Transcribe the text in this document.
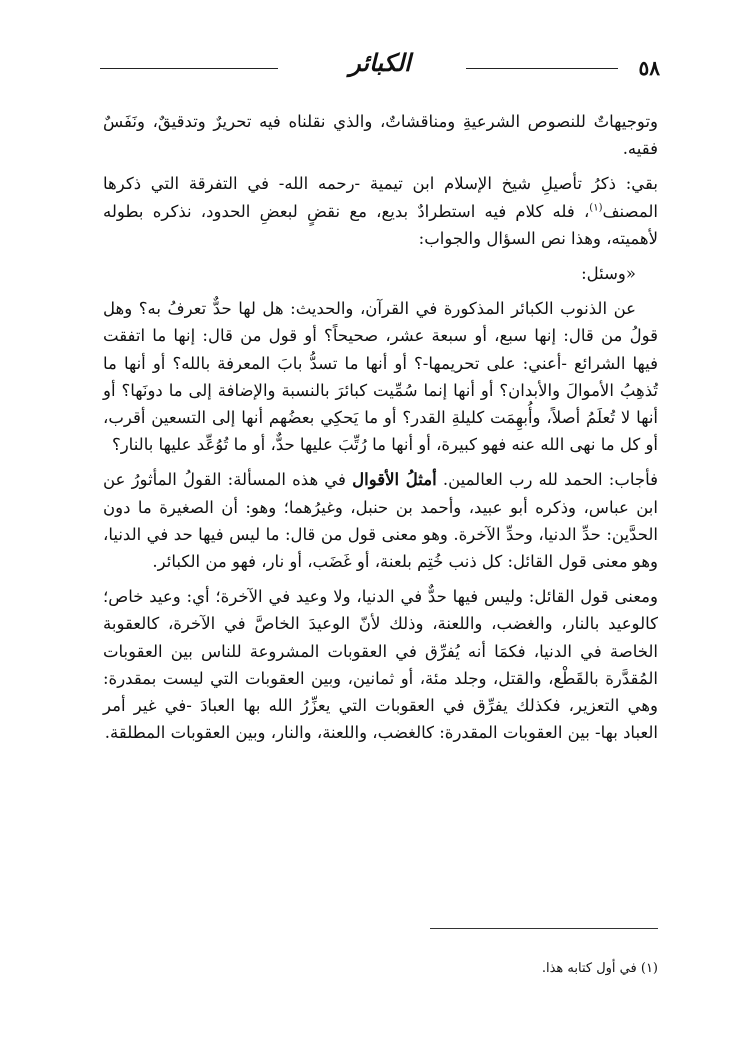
٥٨
الكبائر

وتوجيهاتٌ للنصوص الشرعيةِ ومناقشاتٌ، والذي نقلناه فيه تحريرٌ وتدقيقٌ، ونَفَسٌ فقيه.

بقي: ذكرُ تأصيلِ شيخ الإسلام ابن تيمية -رحمه الله- في التفرقة التي ذكرها المصنف$^{(١)}$، فله كلام فيه استطرادٌ بديع، مع نقضٍ لبعضِ الحدود، نذكره بطوله لأهميته، وهذا نص السؤال والجواب:

«وسئل:

عن الذنوب الكبائر المذكورة في القرآن، والحديث: هل لها حدٌّ تعرفُ به؟ وهل قولُ من قال: إنها سبع، أو سبعة عشر، صحيحاً؟ أو قول من قال: إنها ما اتفقت فيها الشرائع -أعني: على تحريمها-؟ أو أنها ما تسدُّ بابَ المعرفة بالله؟ أو أنها ما تُذهِبُ الأموالَ والأبدان؟ أو أنها إنما سُمِّيت كبائرَ بالنسبة والإضافة إلى ما دونَها؟ أو أنها لا تُعلَمُ أصلاً، وأُبهِمَت كليلةِ القدر؟ أو ما يَحكِي بعضُهم أنها إلى التسعين أقرب، أو كل ما نهى الله عنه فهو كبيرة، أو أنها ما رُتِّبَ عليها حدٌّ، أو ما تُوُعِّد عليها بالنار؟

فأجاب: الحمد لله رب العالمين. أمثلُ الأقوال في هذه المسألة: القولُ المأثورُ عن ابن عباس، وذكره أبو عبيد، وأحمد بن حنبل، وغيرُهما؛ وهو: أن الصغيرة ما دون الحدَّين: حدِّ الدنيا، وحدِّ الآخرة. وهو معنى قول من قال: ما ليس فيها حد في الدنيا، وهو معنى قول القائل: كل ذنب خُتِم بلعنة، أو غَضَب، أو نار، فهو من الكبائر.

ومعنى قول القائل: وليس فيها حدٌّ في الدنيا، ولا وعيد في الآخرة؛ أي: وعيد خاص؛ كالوعيد بالنار، والغضب، واللعنة، وذلك لأنّ الوعيدَ الخاصَّ في الآخرة، كالعقوبة الخاصة في الدنيا، فكمَا أنه يُفرِّق في العقوبات المشروعة للناس بين العقوبات المُقدَّرة بالقَطْع، والقتل، وجلد مئة، أو ثمانين، وبين العقوبات التي ليست بمقدرة: وهي التعزير، فكذلك يفرِّق في العقوبات التي يعزِّرُ الله بها العبادَ -في غير أمر العباد بها- بين العقوبات المقدرة: كالغضب، واللعنة، والنار، وبين العقوبات المطلقة.

(١) في أول كتابه هذا.
